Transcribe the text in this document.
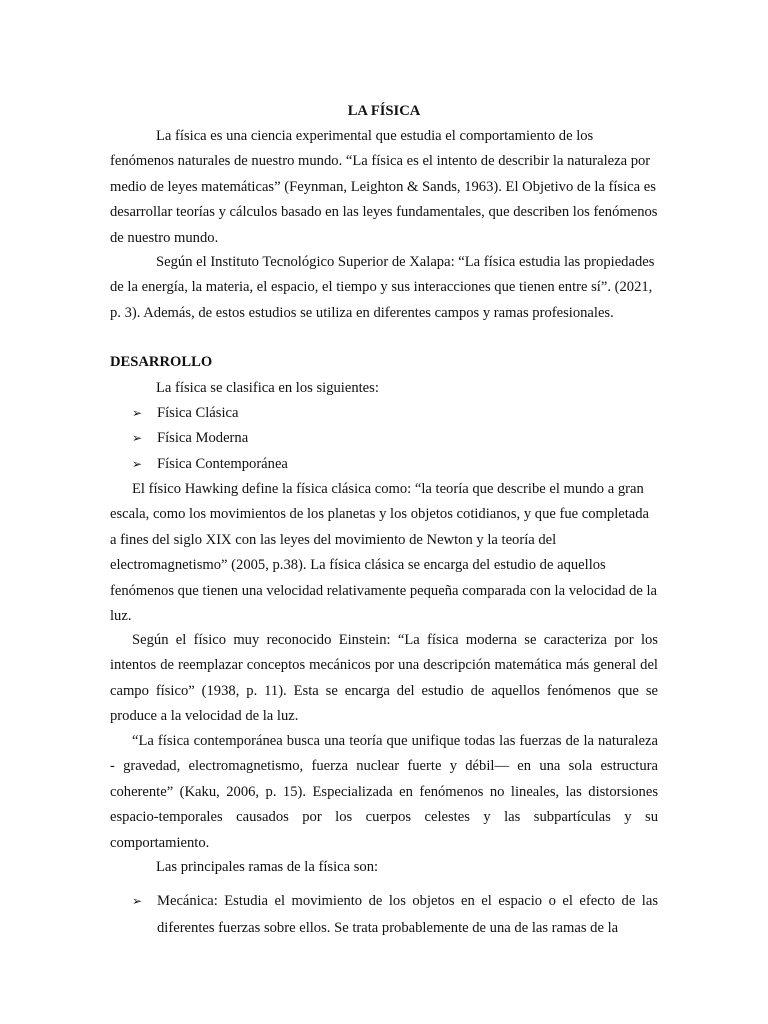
LA FÍSICA

La física es una ciencia experimental que estudia el comportamiento de los fenómenos naturales de nuestro mundo. “La física es el intento de describir la naturaleza por medio de leyes matemáticas” (Feynman, Leighton & Sands, 1963). El Objetivo de la física es desarrollar teorías y cálculos basado en las leyes fundamentales, que describen los fenómenos de nuestro mundo.

Según el Instituto Tecnológico Superior de Xalapa: “La física estudia las propiedades de la energía, la materia, el espacio, el tiempo y sus interacciones que tienen entre sí”. (2021, p. 3). Además, de estos estudios se utiliza en diferentes campos y ramas profesionales.

DESARROLLO

La física se clasifica en los siguientes:

➢ Física Clásica
➢ Física Moderna
➢ Física Contemporánea

El físico Hawking define la física clásica como: “la teoría que describe el mundo a gran escala, como los movimientos de los planetas y los objetos cotidianos, y que fue completada a fines del siglo XIX con las leyes del movimiento de Newton y la teoría del electromagnetismo” (2005, p.38). La física clásica se encarga del estudio de aquellos fenómenos que tienen una velocidad relativamente pequeña comparada con la velocidad de la luz.

Según el físico muy reconocido Einstein: “La física moderna se caracteriza por los intentos de reemplazar conceptos mecánicos por una descripción matemática más general del campo físico” (1938, p. 11). Esta se encarga del estudio de aquellos fenómenos que se produce a la velocidad de la luz.

“La física contemporánea busca una teoría que unifique todas las fuerzas de la naturaleza - gravedad, electromagnetismo, fuerza nuclear fuerte y débil— en una sola estructura coherente” (Kaku, 2006, p. 15). Especializada en fenómenos no lineales, las distorsiones espacio-temporales causados por los cuerpos celestes y las subpartículas y su comportamiento.

Las principales ramas de la física son:

➢ Mecánica: Estudia el movimiento de los objetos en el espacio o el efecto de las diferentes fuerzas sobre ellos. Se trata probablemente de una de las ramas de la
